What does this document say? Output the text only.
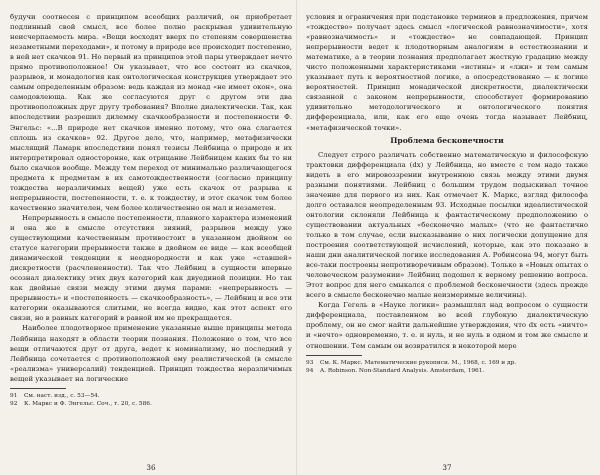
будучи соотнесен с принципом всеобщих различий, он приобретает подлинный свой смысл, все более полно раскрывая удивительную неисчерпаемость мира. «Вещи восходят вверх по степеням совершенства незаметными переходами», и потому в природе все происходит постепенно, в ней нет скачков 91. Но первый из принципов этой пары утверждает нечто прямо противоположное! Он указывает, что все состоит из скачков, разрывов, и монадология как онтологическая конструкция утверждает это самым определенным образом: ведь каждая из монад «не имеет окон», она самодовлеюща. Как же согласуются друг с другом эти два противоположных друг другу требования? Вполне диалектически. Так, как впоследствии разрешил дилемму скачкообразности и постепенности Ф. Энгельс: «...В природе нет скачков именно потому, что она слагается сплошь из скачков» 92. Другое дело, что, например, метафизически мыслящий Ламарк впоследствии понял тезисы Лейбница о природе и их интерпретировал односторонне, как отрицание Лейбницем каких бы то ни было скачков вообще. Между тем переход от минимально различающегося предмета к предметам в их самотождественности (согласно принципу тождества неразличимых вещей) уже есть скачок от разрыва к непрерывности, постепенности, т. е. к тождеству, и этот скачок тем более качественно значителен, чем более количественно он мал и незаметен.

Непрерывность в смысле постепенности, плавного характера изменений и она же в смысле отсутствия зияний, разрывов между уже существующими качественным противостоит в указанном двойном ее статусе категории прерывности также в двойном ее виде — как всеобщей динамической тенденции к неоднородности и как уже «ставшей» дискретности (расчлененности). Так что Лейбниц в сущности впервые осознал диалектику этих двух категорий как двуединой позиции. Но так как двойные связи между этими двумя парами: «непрерывность — прерывность» и «постепенность — скачкообразность», — Лейбниц и все эти категории оказываются слитыми, не всегда видно, как этот аспект его связи, но в равных категорий в равной им не прекращается.

Наиболее плодотворное применение указанные выше принципы метода Лейбница находят в области теории познания. Положение о том, что все вещи отличаются друг от друга, ведет к номинализму, но последний у Лейбница сочетается с противоположной ему реалистической (в смысле «реализма» универсалий) тенденцией. Принцип тождества неразличимых вещей указывает на логические

91 См. наст. изд., с. 53—54.

92 К. Маркс и Ф. Энгельс. Соч., т. 20, с. 586.

36

условия и ограничения при подстановке терминов в предложения, причем «тождество» получает здесь смысл «логической равнозначимости», хотя «равнозначимость» и «тождество» не совпадающей. Принцип непрерывности ведет к плодотворным аналогиям в естествознании и математике, а в теории познания предполагает жесткую градацию между чисто положенными характеристиками «истины» и «лжи» и тем самым указывает путь к вероятностной логике, а опосредствованно — к логике вероятностей. Принцип монадической дискретности, диалектически связанной с законом непрерывности, способствует формированию удивительно методологического и онтологического понятия дифференциала, или, как его еще очень тогда называет Лейбниц, «метафизической точки».

Проблема бесконечности

Следует строго различать собственно математическую и философскую трактовки дифференциала (dx) у Лейбница, но вместе с тем надо также видеть в его мировоззрении внутреннюю связь между этими двумя разными понятиями. Лейбниц с большим трудом подыскивал точное значение для первого из них. Как отмечает К. Маркс, взгляд философа долго оставался неопределенным 93. Исходные посылки идеалистической онтологии склоняли Лейбница к фантастическому предположению о существовании актуальных «бесконечно малых» (что не фантастично только в том случае, если высказывание о них логически допущение для построения соответствующей исчислений, которые, как это показано в наши дни аналитической логике исследования А. Робинсона 94, могут быть все-таки построены непротиворечивым образом). Только в «Новых опытах о человеческом разумении» Лейбниц подошел к верному решению вопроса. Этот вопрос для него смыкался с проблемой бесконечности (здесь прежде всего в смысле бесконечно малые неизмеримые величины).

Когда Гегель в «Науке логики» размышлял над вопросом о сущности дифференциала, поставленном во всей глубокую диалектическую проблему, он не смог найти дальнейшие утверждения, что dx есть «ничто» и «нечто» одновременно, т. е. и нуль, и не нуль в одном и том же смысле и отношении. Тем самым он возвратился в некоторой мере

93 См. К. Маркс. Математические рукописи. М., 1968, с. 169 и др.

94 A. Robinson. Non-Standard Analysis. Amsterdam, 1961.

37
